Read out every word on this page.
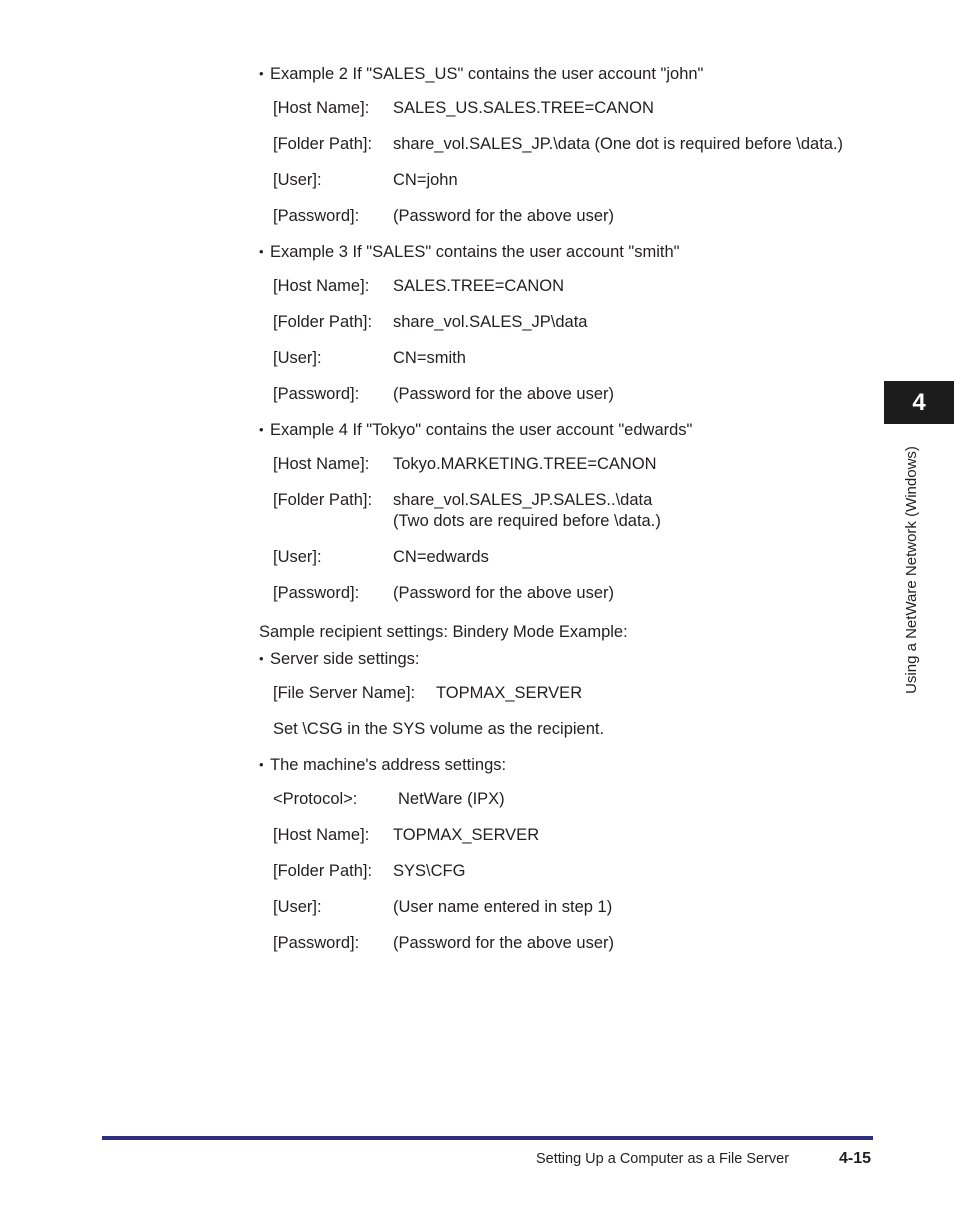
• Example 2 If "SALES_US" contains the user account "john"
[Host Name]: SALES_US.SALES.TREE=CANON
[Folder Path]: share_vol.SALES_JP.\data (One dot is required before \data.)
[User]:	CN=john
[Password]: (Password for the above user)
• Example 3 If "SALES" contains the user account "smith"
[Host Name]: SALES.TREE=CANON
[Folder Path]: share_vol.SALES_JP\data
[User]:	CN=smith
[Password]: (Password for the above user)
• Example 4 If "Tokyo" contains the user account "edwards"
[Host Name]: Tokyo.MARKETING.TREE=CANON
[Folder Path]: share_vol.SALES_JP.SALES..\data
(Two dots are required before \data.)
[User]:	CN=edwards
[Password]: (Password for the above user)
Sample recipient settings: Bindery Mode Example:
• Server side settings:
[File Server Name]: TOPMAX_SERVER
Set \CSG in the SYS volume as the recipient.
• The machine's address settings:
<Protocol>: NetWare (IPX)
[Host Name]: TOPMAX_SERVER
[Folder Path]: SYS\CFG
[User]:	(User name entered in step 1)
[Password]: (Password for the above user)
4
Using a NetWare Network (Windows)
Setting Up a Computer as a File Server	4-15
